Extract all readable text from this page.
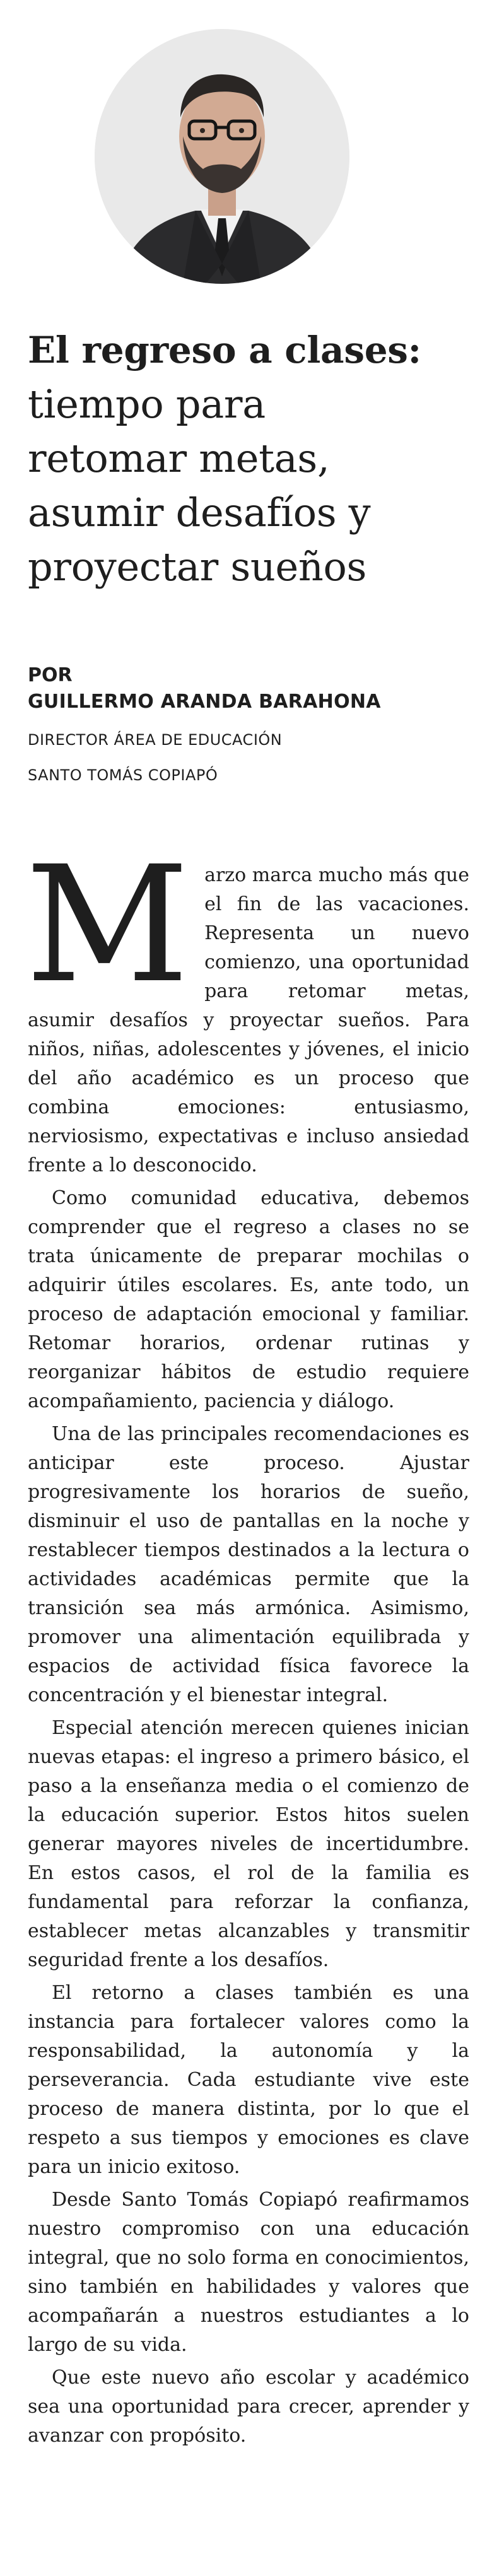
El regreso a clases:
tiempo para
retomar metas,
asumir desafíos y
proyectar sueños
POR
GUILLERMO ARANDA BARAHONA
DIRECTOR ÁREA DE EDUCACIÓN
SANTO TOMÁS COPIAPÓ

Marzo marca mucho más que el fin de las vacaciones. Representa un nuevo comienzo, una oportunidad para retomar metas, asumir desafíos y proyectar sueños. Para niños, niñas, adolescentes y jóvenes, el inicio del año académico es un proceso que combina emociones: entusiasmo, nerviosismo, expectativas e incluso ansiedad frente a lo desconocido.

Como comunidad educativa, debemos comprender que el regreso a clases no se trata únicamente de preparar mochilas o adquirir útiles escolares. Es, ante todo, un proceso de adaptación emocional y familiar. Retomar horarios, ordenar rutinas y reorganizar hábitos de estudio requiere acompañamiento, paciencia y diálogo.

Una de las principales recomendaciones es anticipar este proceso. Ajustar progresivamente los horarios de sueño, disminuir el uso de pantallas en la noche y restablecer tiempos destinados a la lectura o actividades académicas permite que la transición sea más armónica. Asimismo, promover una alimentación equilibrada y espacios de actividad física favorece la concentración y el bienestar integral.

Especial atención merecen quienes inician nuevas etapas: el ingreso a primero básico, el paso a la enseñanza media o el comienzo de la educación superior. Estos hitos suelen generar mayores niveles de incertidumbre. En estos casos, el rol de la familia es fundamental para reforzar la confianza, establecer metas alcanzables y transmitir seguridad frente a los desafíos.

El retorno a clases también es una instancia para fortalecer valores como la responsabilidad, la autonomía y la perseverancia. Cada estudiante vive este proceso de manera distinta, por lo que el respeto a sus tiempos y emociones es clave para un inicio exitoso.

Desde Santo Tomás Copiapó reafirmamos nuestro compromiso con una educación integral, que no solo forma en conocimientos, sino también en habilidades y valores que acompañarán a nuestros estudiantes a lo largo de su vida.

Que este nuevo año escolar y académico sea una oportunidad para crecer, aprender y avanzar con propósito.
